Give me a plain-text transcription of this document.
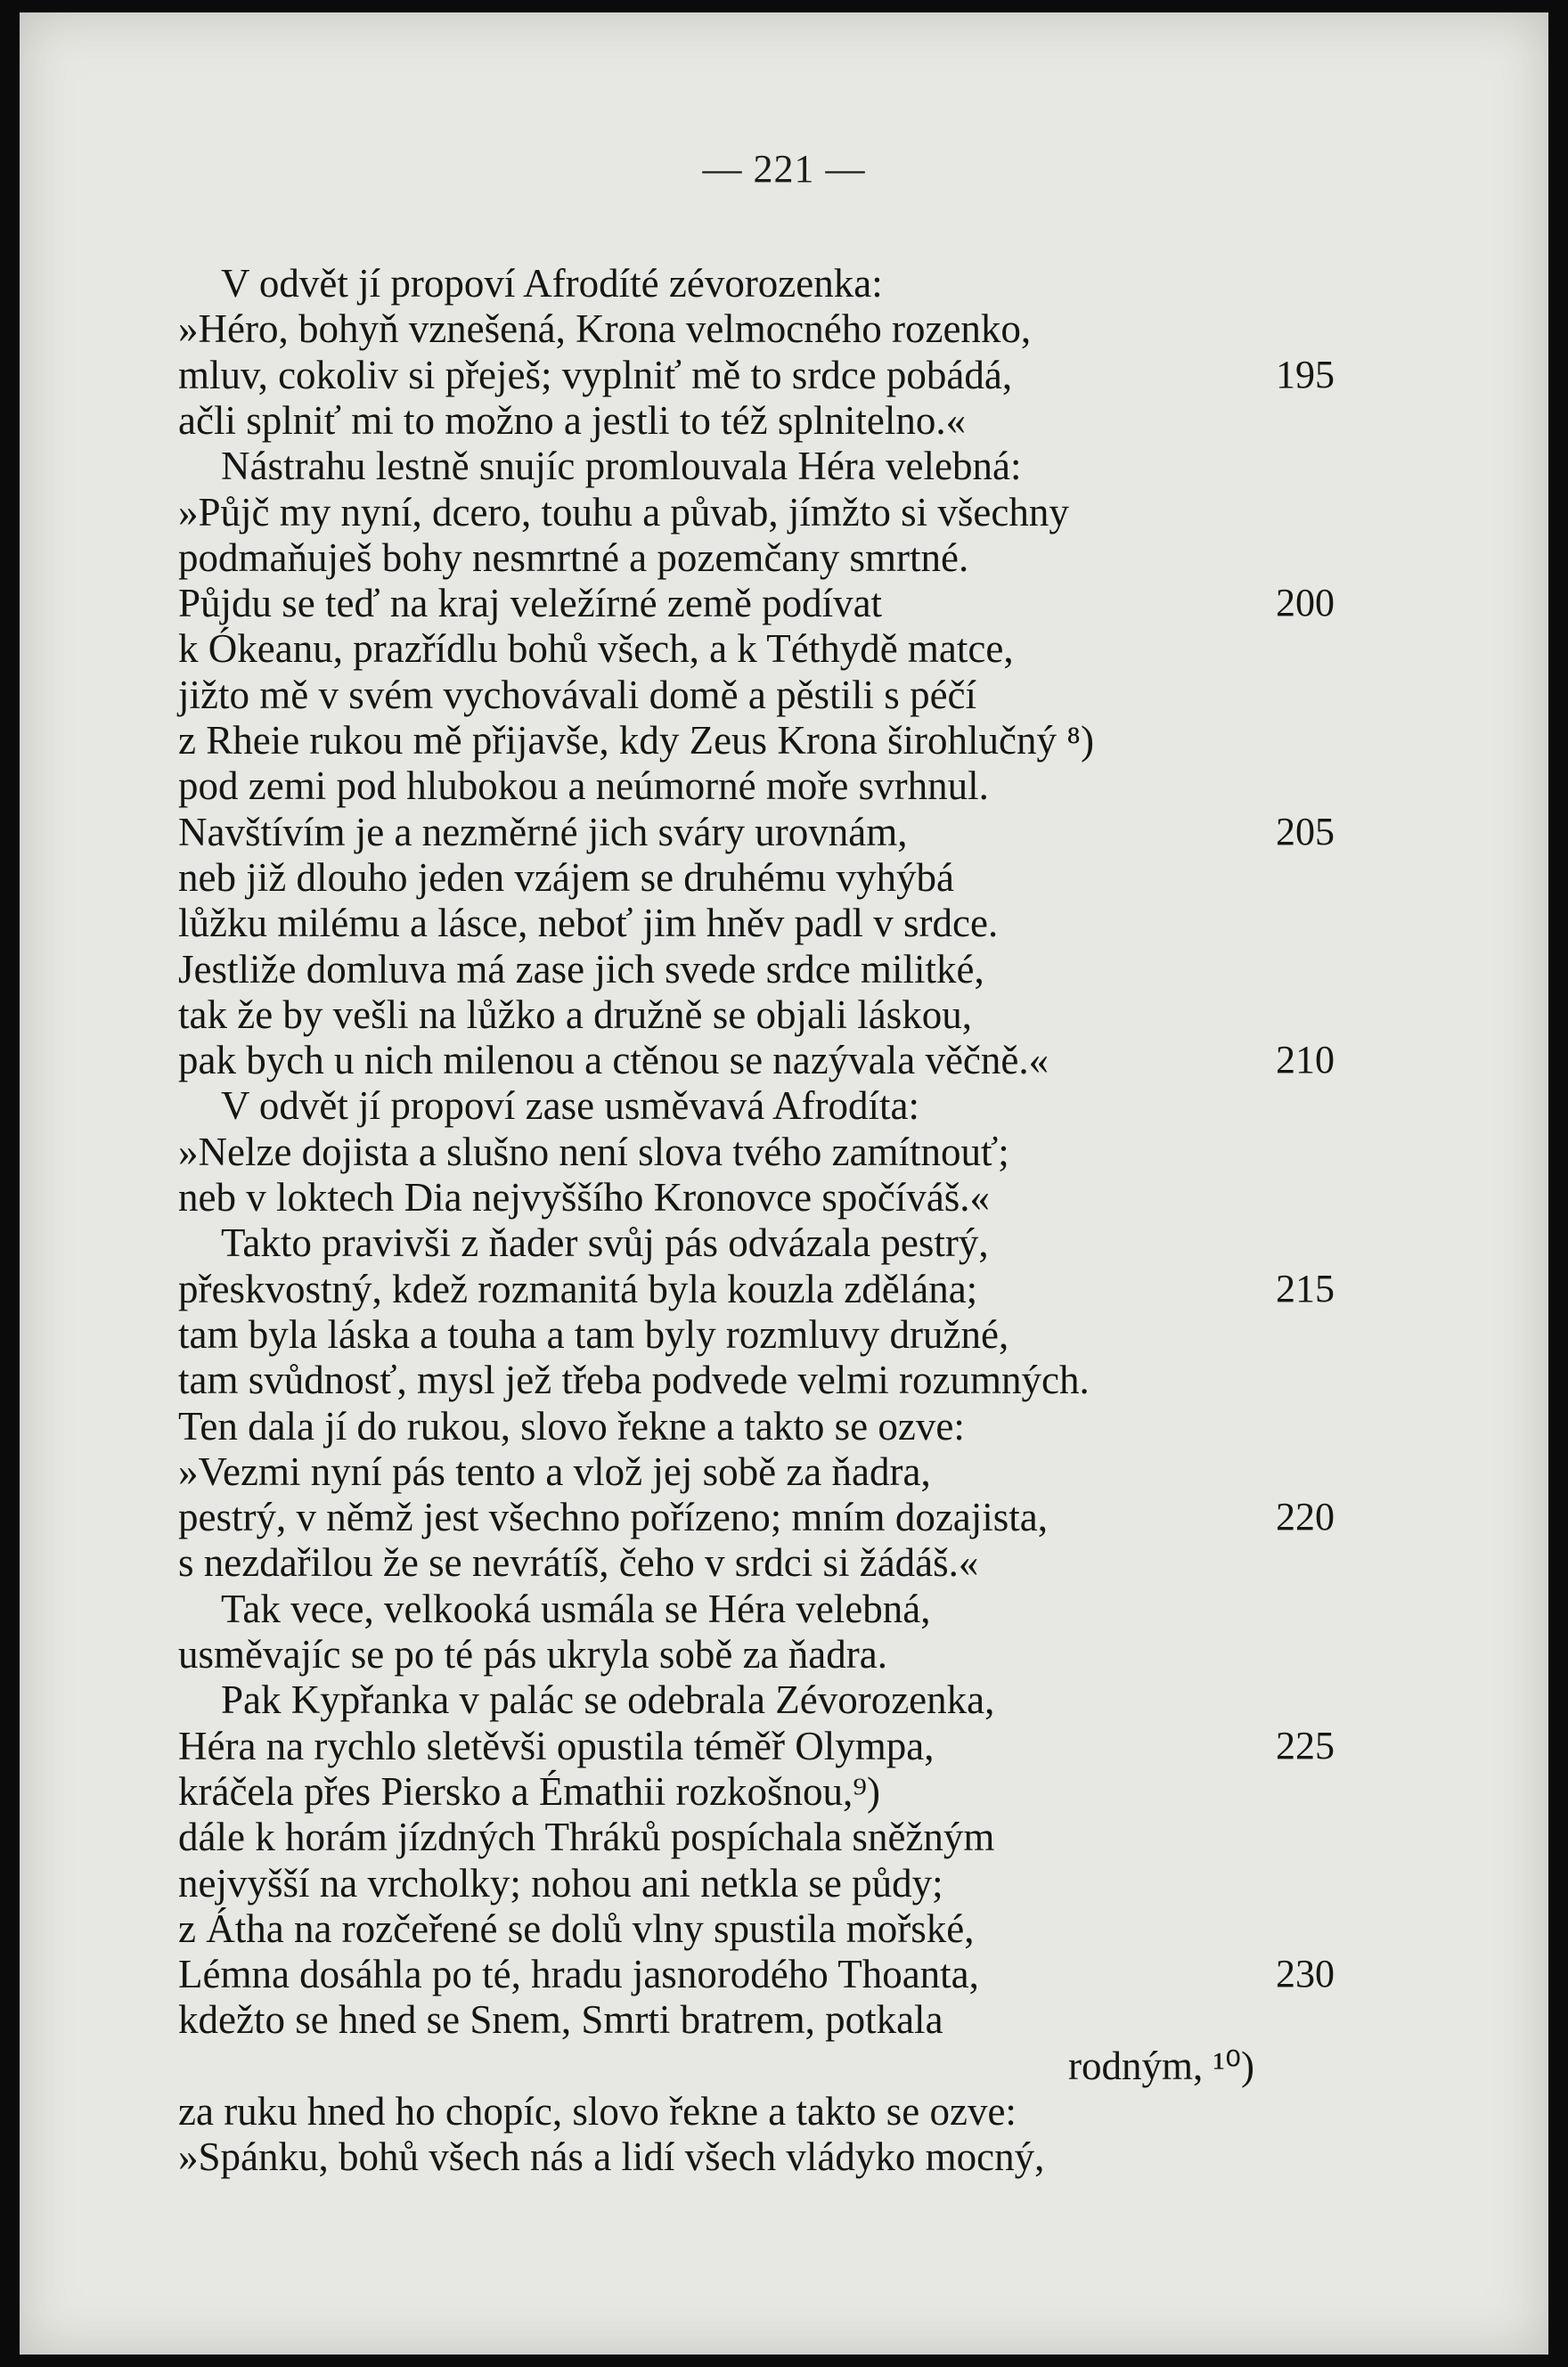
— 221 —
V odvět jí propoví Afrodíté zévorozenka:
»Héro, bohyň vznešená, Krona velmocného rozenko,
mluv, cokoliv si přeješ; vyplniť mě to srdce pobádá,	195
ačli splniť mi to možno a jestli to též splnitelno.«
Nástrahu lestně snujíc promlouvala Héra velebná:
»Půjč my nyní, dcero, touhu a půvab, jímžto si všechny
podmaňuješ bohy nesmrtné a pozemčany smrtné.
Půjdu se teď na kraj veležírné země podívat	200
k Ókeanu, prazřídlu bohů všech, a k Téthydě matce,
jižto mě v svém vychovávali domě a pěstili s péčí
z Rheie rukou mě přijavše, kdy Zeus Krona širohlučný ⁸)
pod zemi pod hlubokou a neúmorné moře svrhnul.
Navštívím je a nezměrné jich sváry urovnám,	205
neb již dlouho jeden vzájem se druhému vyhýbá
lůžku milému a lásce, neboť jim hněv padl v srdce.
Jestliže domluva má zase jich svede srdce militké,
tak že by vešli na lůžko a družně se objali láskou,
pak bych u nich milenou a ctěnou se nazývala věčně.«	210
V odvět jí propoví zase usměvavá Afrodíta:
»Nelze dojista a slušno není slova tvého zamítnouť;
neb v loktech Dia nejvyššího Kronovce spočíváš.«
Takto pravivši z ňader svůj pás odvázala pestrý,
přeskvostný, kdež rozmanitá byla kouzla zdělána;	215
tam byla láska a touha a tam byly rozmluvy družné,
tam svůdnosť, mysl jež třeba podvede velmi rozumných.
Ten dala jí do rukou, slovo řekne a takto se ozve:
»Vezmi nyní pás tento a vlož jej sobě za ňadra,
pestrý, v němž jest všechno pořízeno; mním dozajista,	220
s nezdařilou že se nevrátíš, čeho v srdci si žádáš.«
Tak vece, velkooká usmála se Héra velebná,
usměvajíc se po té pás ukryla sobě za ňadra.
Pak Kypřanka v palác se odebrala Zévorozenka,
Héra na rychlo sletěvši opustila téměř Olympa,	225
kráčela přes Piersko a Émathii rozkošnou,⁹)
dále k horám jízdných Thráků pospíchala sněžným
nejvyšší na vrcholky; nohou ani netkla se půdy;
z Átha na rozčeřené se dolů vlny spustila mořské,
Lémna dosáhla po té, hradu jasnorodého Thoanta,	230
kdežto se hned se Snem, Smrti bratrem, potkala
rodným, ¹⁰)
za ruku hned ho chopíc, slovo řekne a takto se ozve:
»Spánku, bohů všech nás a lidí všech vládyko mocný,
